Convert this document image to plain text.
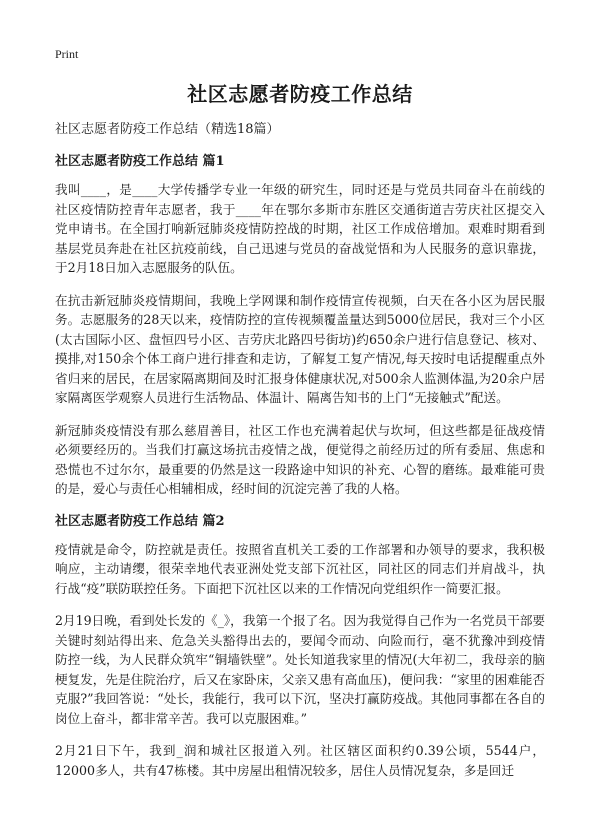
Print
社区志愿者防疫工作总结

社区志愿者防疫工作总结（精选18篇）

社区志愿者防疫工作总结 篇1

我叫____，是____大学传播学专业一年级的研究生，同时还是与党员共同奋斗在前线的社区疫情防控青年志愿者，我于____年在鄂尔多斯市东胜区交通街道吉劳庆社区提交入党申请书。在全国打响新冠肺炎疫情防控战的时期，社区工作成倍增加。艰难时期看到基层党员奔赴在社区抗疫前线，自己迅速与党员的奋战觉悟和为人民服务的意识靠拢，于2月18日加入志愿服务的队伍。

在抗击新冠肺炎疫情期间，我晚上学网课和制作疫情宣传视频，白天在各小区为居民服务。志愿服务的28天以来，疫情防控的宣传视频覆盖量达到5000位居民，我对三个小区(太古国际小区、盘恒四号小区、吉劳庆北路四号街坊)约650余户进行信息登记、核对、摸排,对150余个体工商户进行排查和走访，了解复工复产情况,每天按时电话提醒重点外省归来的居民，在居家隔离期间及时汇报身体健康状况,对500余人监测体温,为20余户居家隔离医学观察人员进行生活物品、体温计、隔离告知书的上门“无接触式”配送。

新冠肺炎疫情没有那么慈眉善目，社区工作也充满着起伏与坎坷，但这些都是征战疫情必须要经历的。当我们打赢这场抗击疫情之战，便觉得之前经历过的所有委屈、焦虑和恐慌也不过尔尔，最重要的仍然是这一段路途中知识的补充、心智的磨练。最难能可贵的是，爱心与责任心相辅相成，经时间的沉淀完善了我的人格。

社区志愿者防疫工作总结 篇2

疫情就是命令，防控就是责任。按照省直机关工委的工作部署和办领导的要求，我积极响应，主动请缨，很荣幸地代表亚洲处党支部下沉社区，同社区的同志们并肩战斗，执行战“疫”联防联控任务。下面把下沉社区以来的工作情况向党组织作一简要汇报。

2月19日晚，看到处长发的《_》，我第一个报了名。因为我觉得自己作为一名党员干部要关键时刻站得出来、危急关头豁得出去的，要闻令而动、向险而行，毫不犹豫冲到疫情防控一线，为人民群众筑牢“铜墙铁壁”。处长知道我家里的情况(大年初二，我母亲的脑梗复发，先是住院治疗，后又在家卧床，父亲又患有高血压)，便问我：“家里的困难能否克服?”我回答说：“处长，我能行，我可以下沉，坚决打赢防疫战。其他同事都在各自的岗位上奋斗，都非常辛苦。我可以克服困难。”

2月21日下午，我到_润和城社区报道入列。社区辖区面积约0.39公顷，5544户，12000多人，共有47栋楼。其中房屋出租情况较多，居住人员情况复杂，多是回迁
